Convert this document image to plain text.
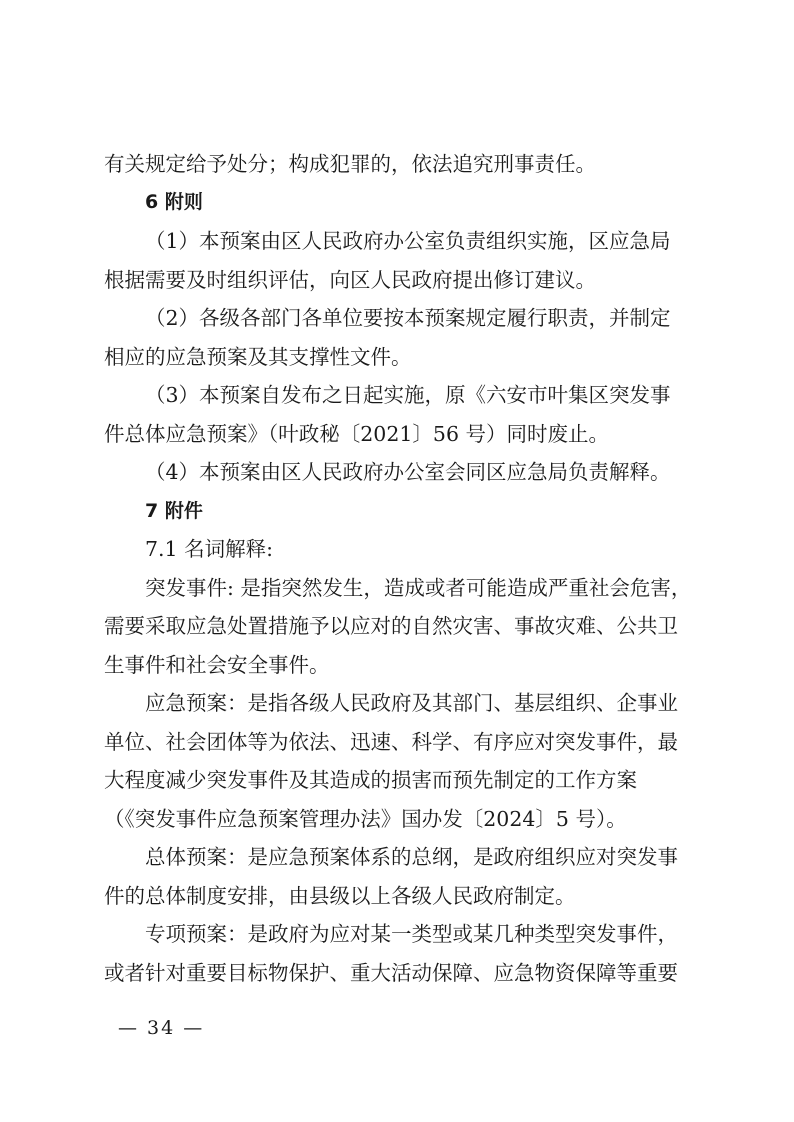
有关规定给予处分；构成犯罪的，依法追究刑事责任。
6 附则
（1）本预案由区人民政府办公室负责组织实施，区应急局
根据需要及时组织评估，向区人民政府提出修订建议。
（2）各级各部门各单位要按本预案规定履行职责，并制定
相应的应急预案及其支撑性文件。
（3）本预案自发布之日起实施，原《六安市叶集区突发事
件总体应急预案》（叶政秘〔2021〕56 号）同时废止。
（4）本预案由区人民政府办公室会同区应急局负责解释。
7 附件
7.1 名词解释:
突发事件: 是指突然发生，造成或者可能造成严重社会危害，
需要采取应急处置措施予以应对的自然灾害、事故灾难、公共卫
生事件和社会安全事件。
应急预案：是指各级人民政府及其部门、基层组织、企事业
单位、社会团体等为依法、迅速、科学、有序应对突发事件，最
大程度减少突发事件及其造成的损害而预先制定的工作方案
（《突发事件应急预案管理办法》国办发〔2024〕5 号）。
总体预案：是应急预案体系的总纲，是政府组织应对突发事
件的总体制度安排，由县级以上各级人民政府制定。
专项预案：是政府为应对某一类型或某几种类型突发事件，
或者针对重要目标物保护、重大活动保障、应急物资保障等重要
— 34 —
